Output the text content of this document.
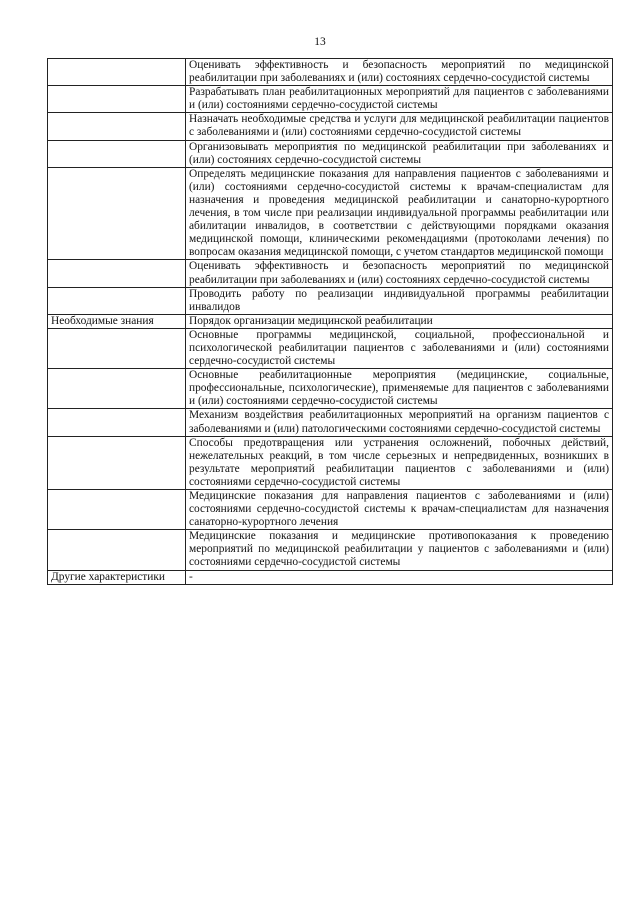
13
	Оценивать эффективность и безопасность мероприятий по медицинской реабилитации при заболеваниях и (или) состояниях сердечно-сосудистой системы
	Разрабатывать план реабилитационных мероприятий для пациентов с заболеваниями и (или) состояниями сердечно-сосудистой системы
	Назначать необходимые средства и услуги для медицинской реабилитации пациентов с заболеваниями и (или) состояниями сердечно-сосудистой системы
	Организовывать мероприятия по медицинской реабилитации при заболеваниях и (или) состояниях сердечно-сосудистой системы
	Определять медицинские показания для направления пациентов с заболеваниями и (или) состояниями сердечно-сосудистой системы к врачам-специалистам для назначения и проведения медицинской реабилитации и санаторно-курортного лечения, в том числе при реализации индивидуальной программы реабилитации или абилитации инвалидов, в соответствии с действующими порядками оказания медицинской помощи, клиническими рекомендациями (протоколами лечения) по вопросам оказания медицинской помощи, с учетом стандартов медицинской помощи
	Оценивать эффективность и безопасность мероприятий по медицинской реабилитации при заболеваниях и (или) состояниях сердечно-сосудистой системы
	Проводить работу по реализации индивидуальной программы реабилитации инвалидов
Необходимые знания	Порядок организации медицинской реабилитации
	Основные программы медицинской, социальной, профессиональной и психологической реабилитации пациентов с заболеваниями и (или) состояниями сердечно-сосудистой системы
	Основные реабилитационные мероприятия (медицинские, социальные, профессиональные, психологические), применяемые для пациентов с заболеваниями и (или) состояниями сердечно-сосудистой системы
	Механизм воздействия реабилитационных мероприятий на организм пациентов с заболеваниями и (или) патологическими состояниями сердечно-сосудистой системы
	Способы предотвращения или устранения осложнений, побочных действий, нежелательных реакций, в том числе серьезных и непредвиденных, возникших в результате мероприятий реабилитации пациентов с заболеваниями и (или) состояниями сердечно-сосудистой системы
	Медицинские показания для направления пациентов с заболеваниями и (или) состояниями сердечно-сосудистой системы к врачам-специалистам для назначения санаторно-курортного лечения
	Медицинские показания и медицинские противопоказания к проведению мероприятий по медицинской реабилитации у пациентов с заболеваниями и (или) состояниями сердечно-сосудистой системы
Другие характеристики	-
